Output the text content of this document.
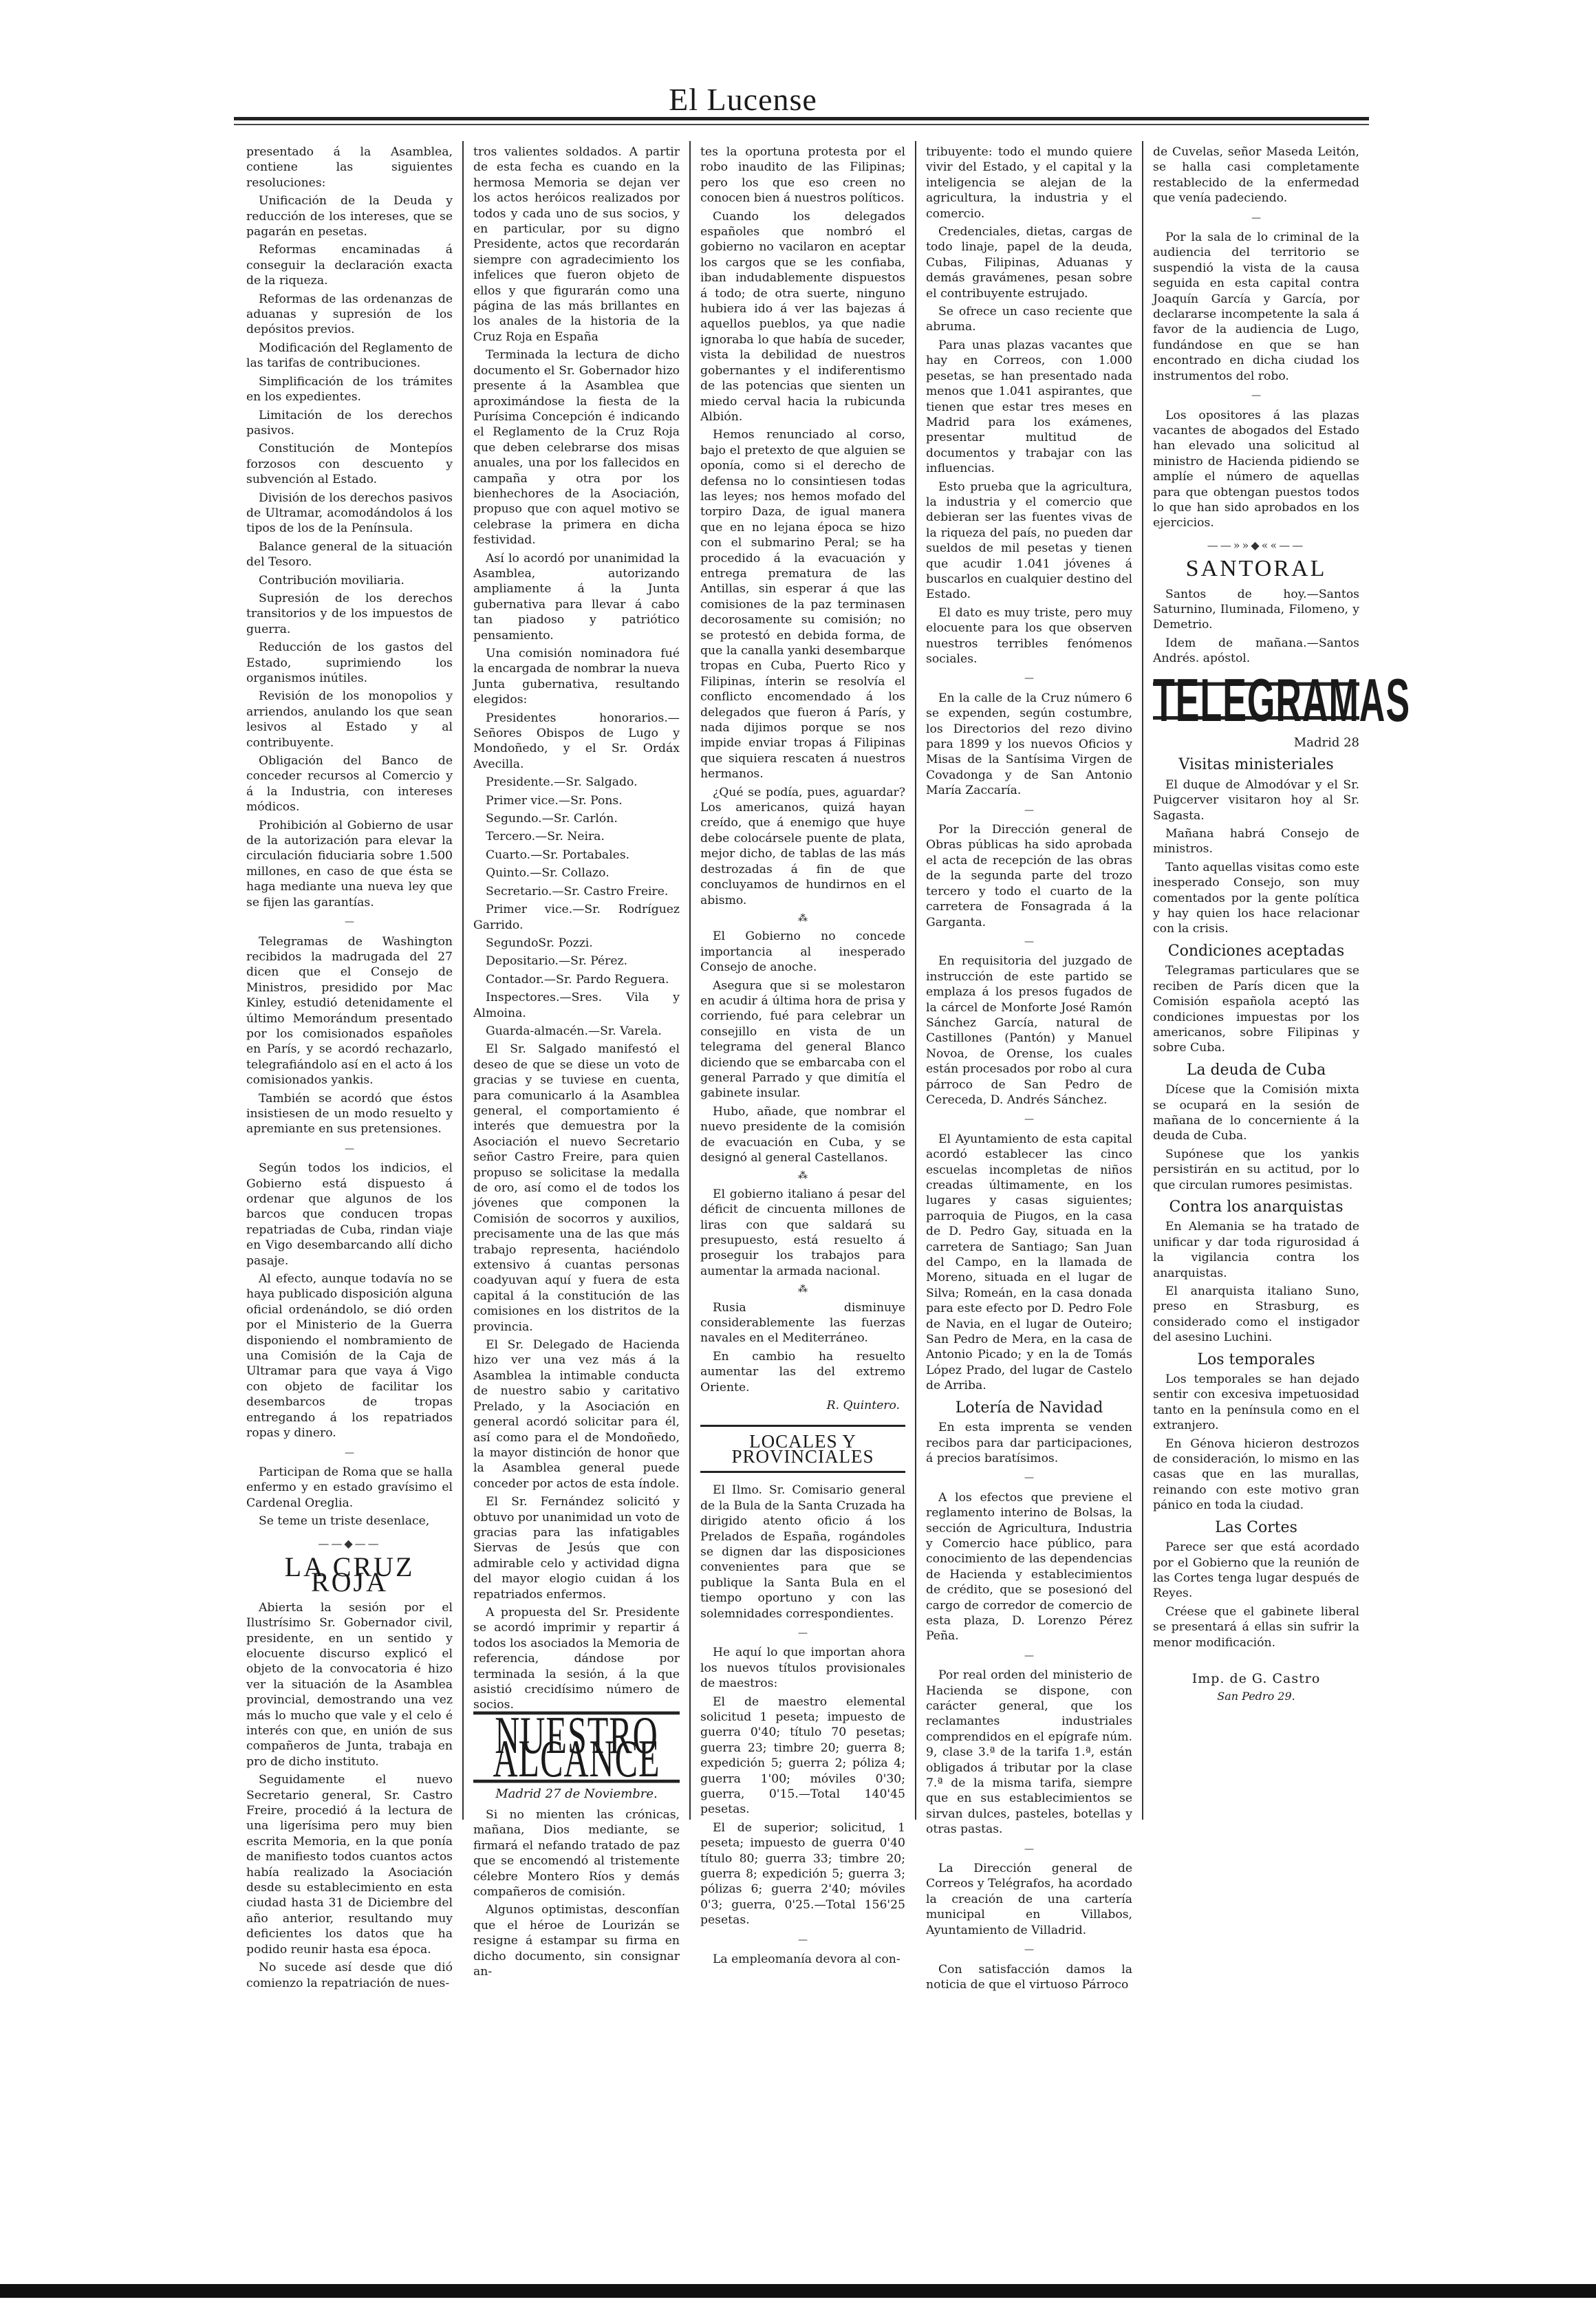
El Lucense

presentado á la Asamblea, contiene las siguientes resoluciones:

Unificación de la Deuda y reducción de los intereses, que se pagarán en pesetas.

Reformas encaminadas á conseguir la declaración exacta de la riqueza.

Reformas de las ordenanzas de aduanas y supresión de los depósitos previos.

Modificación del Reglamento de las tarifas de contribuciones.

Simplificación de los trámites en los expedientes.

Limitación de los derechos pasivos.

Constitución de Montepíos forzosos con descuento y subvención al Estado.

División de los derechos pasivos de Ultramar, acomodándolos á los tipos de los de la Península.

Balance general de la situación del Tesoro.

Contribución moviliaria.

Supresión de los derechos transitorios y de los impuestos de guerra.

Reducción de los gastos del Estado, suprimiendo los organismos inútiles.

Revisión de los monopolios y arriendos, anulando los que sean lesivos al Estado y al contribuyente.

Obligación del Banco de conceder recursos al Comercio y á la Industria, con intereses módicos.

Prohibición al Gobierno de usar de la autorización para elevar la circulación fiduciaria sobre 1.500 millones, en caso de que ésta se haga mediante una nueva ley que se fijen las garantías.

—

Telegramas de Washington recibidos la madrugada del 27 dicen que el Consejo de Ministros, presidido por Mac Kinley, estudió detenidamente el último Memorándum presentado por los comisionados españoles en París, y se acordó rechazarlo, telegrafiándolo así en el acto á los comisionados yankis.

También se acordó que éstos insistiesen de un modo resuelto y apremiante en sus pretensiones.

—

Según todos los indicios, el Gobierno está dispuesto á ordenar que algunos de los barcos que conducen tropas repatriadas de Cuba, rindan viaje en Vigo desembarcando allí dicho pasaje.

Al efecto, aunque todavía no se haya publicado disposición alguna oficial ordenándolo, se dió orden por el Ministerio de la Guerra disponiendo el nombramiento de una Comisión de la Caja de Ultramar para que vaya á Vigo con objeto de facilitar los desembarcos de tropas entregando á los repatriados ropas y dinero.

—

Participan de Roma que se halla enfermo y en estado gravísimo el Cardenal Oreglia.

Se teme un triste desenlace,

——◆——
LA CRUZ ROJA

Abierta la sesión por el Ilustrísimo Sr. Gobernador civil, presidente, en un sentido y elocuente discurso explicó el objeto de la convocatoria é hizo ver la situación de la Asamblea provincial, demostrando una vez más lo mucho que vale y el celo é interés con que, en unión de sus compañeros de Junta, trabaja en pro de dicho instituto.

Seguidamente el nuevo Secretario general, Sr. Castro Freire, procedió á la lectura de una ligerísima pero muy bien escrita Memoria, en la que ponía de manifiesto todos cuantos actos había realizado la Asociación desde su establecimiento en esta ciudad hasta 31 de Diciembre del año anterior, resultando muy deficientes los datos que ha podido reunir hasta esa época.

No sucede así desde que dió comienzo la repatriación de nues-

tros valientes soldados. A partir de esta fecha es cuando en la hermosa Memoria se dejan ver los actos heróicos realizados por todos y cada uno de sus socios, y en particular, por su digno Presidente, actos que recordarán siempre con agradecimiento los infelices que fueron objeto de ellos y que figurarán como una página de las más brillantes en los anales de la historia de la Cruz Roja en España

Terminada la lectura de dicho documento el Sr. Gobernador hizo presente á la Asamblea que aproximándose la fiesta de la Purísima Concepción é indicando el Reglamento de la Cruz Roja que deben celebrarse dos misas anuales, una por los fallecidos en campaña y otra por los bienhechores de la Asociación, propuso que con aquel motivo se celebrase la primera en dicha festividad.

Así lo acordó por unanimidad la Asamblea, autorizando ampliamente á la Junta gubernativa para llevar á cabo tan piadoso y patriótico pensamiento.

Una comisión nominadora fué la encargada de nombrar la nueva Junta gubernativa, resultando elegidos:

Presidentes honorarios.—Señores Obispos de Lugo y Mondoñedo, y el Sr. Ordáx Avecilla.

Presidente.—Sr. Salgado.

Primer vice.—Sr. Pons.

Segundo.—Sr. Carlón.

Tercero.—Sr. Neira.

Cuarto.—Sr. Portabales.

Quinto.—Sr. Collazo.

Secretario.—Sr. Castro Freire.

Primer vice.—Sr. Rodríguez Garrido.

SegundoSr. Pozzi.

Depositario.—Sr. Pérez.

Contador.—Sr. Pardo Reguera.

Inspectores.—Sres. Vila y Almoina.

Guarda-almacén.—Sr. Varela.

El Sr. Salgado manifestó el deseo de que se diese un voto de gracias y se tuviese en cuenta, para comunicarlo á la Asamblea general, el comportamiento é interés que demuestra por la Asociación el nuevo Secretario señor Castro Freire, para quien propuso se solicitase la medalla de oro, así como el de todos los jóvenes que componen la Comisión de socorros y auxilios, precisamente una de las que más trabajo representa, haciéndolo extensivo á cuantas personas coadyuvan aquí y fuera de esta capital á la constitución de las comisiones en los distritos de la provincia.

El Sr. Delegado de Hacienda hizo ver una vez más á la Asamblea la intimable conducta de nuestro sabio y caritativo Prelado, y la Asociación en general acordó solicitar para él, así como para el de Mondoñedo, la mayor distinción de honor que la Asamblea general puede conceder por actos de esta índole.

El Sr. Fernández solicitó y obtuvo por unanimidad un voto de gracias para las infatigables Siervas de Jesús que con admirable celo y actividad digna del mayor elogio cuidan á los repatriados enfermos.

A propuesta del Sr. Presidente se acordó imprimir y repartir á todos los asociados la Memoria de referencia, dándose por terminada la sesión, á la que asistió crecidísimo número de socios.

NUESTRO ALCANCE
Madrid 27 de Noviembre.

Si no mienten las crónicas, mañana, Dios mediante, se firmará el nefando tratado de paz que se encomendó al tristemente célebre Montero Ríos y demás compañeros de comisión.

Algunos optimistas, desconfían que el héroe de Lourizán se resigne á estampar su firma en dicho documento, sin consignar an-

tes la oportuna protesta por el robo inaudito de las Filipinas; pero los que eso creen no conocen bien á nuestros políticos.

Cuando los delegados españoles que nombró el gobierno no vacilaron en aceptar los cargos que se les confiaba, iban indudablemente dispuestos á todo; de otra suerte, ninguno hubiera ido á ver las bajezas á aquellos pueblos, ya que nadie ignoraba lo que había de suceder, vista la debilidad de nuestros gobernantes y el indiferentismo de las potencias que sienten un miedo cerval hacia la rubicunda Albión.

Hemos renunciado al corso, bajo el pretexto de que alguien se oponía, como si el derecho de defensa no lo consintiesen todas las leyes; nos hemos mofado del torpiro Daza, de igual manera que en no lejana época se hizo con el submarino Peral; se ha procedido á la evacuación y entrega prematura de las Antillas, sin esperar á que las comisiones de la paz terminasen decorosamente su comisión; no se protestó en debida forma, de que la canalla yanki desembarque tropas en Cuba, Puerto Rico y Filipinas, ínterin se resolvía el conflicto encomendado á los delegados que fueron á París, y nada dijimos porque se nos impide enviar tropas á Filipinas que siquiera rescaten á nuestros hermanos.

¿Qué se podía, pues, aguardar? Los americanos, quizá hayan creído, que á enemigo que huye debe colocársele puente de plata, mejor dicho, de tablas de las más destrozadas á fin de que concluyamos de hundirnos en el abismo.

⁂

El Gobierno no concede importancia al inesperado Consejo de anoche.

Asegura que si se molestaron en acudir á última hora de prisa y corriendo, fué para celebrar un consejillo en vista de un telegrama del general Blanco diciendo que se embarcaba con el general Parrado y que dimitía el gabinete insular.

Hubo, añade, que nombrar el nuevo presidente de la comisión de evacuación en Cuba, y se designó al general Castellanos.

⁂

El gobierno italiano á pesar del déficit de cincuenta millones de liras con que saldará su presupuesto, está resuelto á proseguir los trabajos para aumentar la armada nacional.

⁂

Rusia disminuye considerablemente las fuerzas navales en el Mediterráneo.

En cambio ha resuelto aumentar las del extremo Oriente.

R. Quintero.
LOCALES Y PROVINCIALES

El Ilmo. Sr. Comisario general de la Bula de la Santa Cruzada ha dirigido atento oficio á los Prelados de España, rogándoles se dignen dar las disposiciones convenientes para que se publique la Santa Bula en el tiempo oportuno y con las solemnidades correspondientes.

—

He aquí lo que importan ahora los nuevos títulos provisionales de maestros:

El de maestro elemental solicitud 1 peseta; impuesto de guerra 0'40; título 70 pesetas; guerra 23; timbre 20; guerra 8; expedición 5; guerra 2; póliza 4; guerra 1'00; móviles 0'30; guerra, 0'15.—Total 140'45 pesetas.

El de superior; solicitud, 1 peseta; impuesto de guerra 0'40 título 80; guerra 33; timbre 20; guerra 8; expedición 5; guerra 3; pólizas 6; guerra 2'40; móviles 0'3; guerra, 0'25.—Total 156'25 pesetas.

—

La empleomanía devora al con-

tribuyente: todo el mundo quiere vivir del Estado, y el capital y la inteligencia se alejan de la agricultura, la industria y el comercio.

Credenciales, dietas, cargas de todo linaje, papel de la deuda, Cubas, Filipinas, Aduanas y demás gravámenes, pesan sobre el contribuyente estrujado.

Se ofrece un caso reciente que abruma.

Para unas plazas vacantes que hay en Correos, con 1.000 pesetas, se han presentado nada menos que 1.041 aspirantes, que tienen que estar tres meses en Madrid para los exámenes, presentar multitud de documentos y trabajar con las influencias.

Esto prueba que la agricultura, la industria y el comercio que debieran ser las fuentes vivas de la riqueza del país, no pueden dar sueldos de mil pesetas y tienen que acudir 1.041 jóvenes á buscarlos en cualquier destino del Estado.

El dato es muy triste, pero muy elocuente para los que observen nuestros terribles fenómenos sociales.

—

En la calle de la Cruz número 6 se expenden, según costumbre, los Directorios del rezo divino para 1899 y los nuevos Oficios y Misas de la Santísima Virgen de Covadonga y de San Antonio María Zaccaría.

—

Por la Dirección general de Obras públicas ha sido aprobada el acta de recepción de las obras de la segunda parte del trozo tercero y todo el cuarto de la carretera de Fonsagrada á la Garganta.

—

En requisitoria del juzgado de instrucción de este partido se emplaza á los presos fugados de la cárcel de Monforte José Ramón Sánchez García, natural de Castillones (Pantón) y Manuel Novoa, de Orense, los cuales están procesados por robo al cura párroco de San Pedro de Cereceda, D. Andrés Sánchez.

—

El Ayuntamiento de esta capital acordó establecer las cinco escuelas incompletas de niños creadas últimamente, en los lugares y casas siguientes; parroquia de Piugos, en la casa de D. Pedro Gay, situada en la carretera de Santiago; San Juan del Campo, en la llamada de Moreno, situada en el lugar de Silva; Romeán, en la casa donada para este efecto por D. Pedro Fole de Navia, en el lugar de Outeiro; San Pedro de Mera, en la casa de Antonio Picado; y en la de Tomás López Prado, del lugar de Castelo de Arriba.

Lotería de Navidad

En esta imprenta se venden recibos para dar participaciones, á precios baratísimos.

—

A los efectos que previene el reglamento interino de Bolsas, la sección de Agricultura, Industria y Comercio hace público, para conocimiento de las dependencias de Hacienda y establecimientos de crédito, que se posesionó del cargo de corredor de comercio de esta plaza, D. Lorenzo Pérez Peña.

—

Por real orden del ministerio de Hacienda se dispone, con carácter general, que los reclamantes industriales comprendidos en el epígrafe núm. 9, clase 3.ª de la tarifa 1.ª, están obligados á tributar por la clase 7.ª de la misma tarifa, siempre que en sus establecimientos se sirvan dulces, pasteles, botellas y otras pastas.

—

La Dirección general de Correos y Telégrafos, ha acordado la creación de una cartería municipal en Villabos, Ayuntamiento de Villadrid.

—

Con satisfacción damos la noticia de que el virtuoso Párroco

de Cuvelas, señor Maseda Leitón, se halla casi completamente restablecido de la enfermedad que venía padeciendo.

—

Por la sala de lo criminal de la audiencia del territorio se suspendió la vista de la causa seguida en esta capital contra Joaquín García y García, por declararse incompetente la sala á favor de la audiencia de Lugo, fundándose en que se han encontrado en dicha ciudad los instrumentos del robo.

—

Los opositores á las plazas vacantes de abogados del Estado han elevado una solicitud al ministro de Hacienda pidiendo se amplíe el número de aquellas para que obtengan puestos todos lo que han sido aprobados en los ejercicios.

——»»◆««——
SANTORAL

Santos de hoy.—Santos Saturnino, Iluminada, Filomeno, y Demetrio.

Idem de mañana.—Santos Andrés. apóstol.

TELEGRAMAS
Madrid 28
Visitas ministeriales

El duque de Almodóvar y el Sr. Puigcerver visitaron hoy al Sr. Sagasta.

Mañana habrá Consejo de ministros.

Tanto aquellas visitas como este inesperado Consejo, son muy comentados por la gente política y hay quien los hace relacionar con la crisis.

Condiciones aceptadas

Telegramas particulares que se reciben de París dicen que la Comisión española aceptó las condiciones impuestas por los americanos, sobre Filipinas y sobre Cuba.

La deuda de Cuba

Dícese que la Comisión mixta se ocupará en la sesión de mañana de lo concerniente á la deuda de Cuba.

Supónese que los yankis persistirán en su actitud, por lo que circulan rumores pesimistas.

Contra los anarquistas

En Alemania se ha tratado de unificar y dar toda rigurosidad á la vigilancia contra los anarquistas.

El anarquista italiano Suno, preso en Strasburg, es considerado como el instigador del asesino Luchini.

Los temporales

Los temporales se han dejado sentir con excesiva impetuosidad tanto en la península como en el extranjero.

En Génova hicieron destrozos de consideración, lo mismo en las casas que en las murallas, reinando con este motivo gran pánico en toda la ciudad.

Las Cortes

Parece ser que está acordado por el Gobierno que la reunión de las Cortes tenga lugar después de Reyes.

Créese que el gabinete liberal se presentará á ellas sin sufrir la menor modificación.

Imp. de G. Castro
San Pedro 29.
